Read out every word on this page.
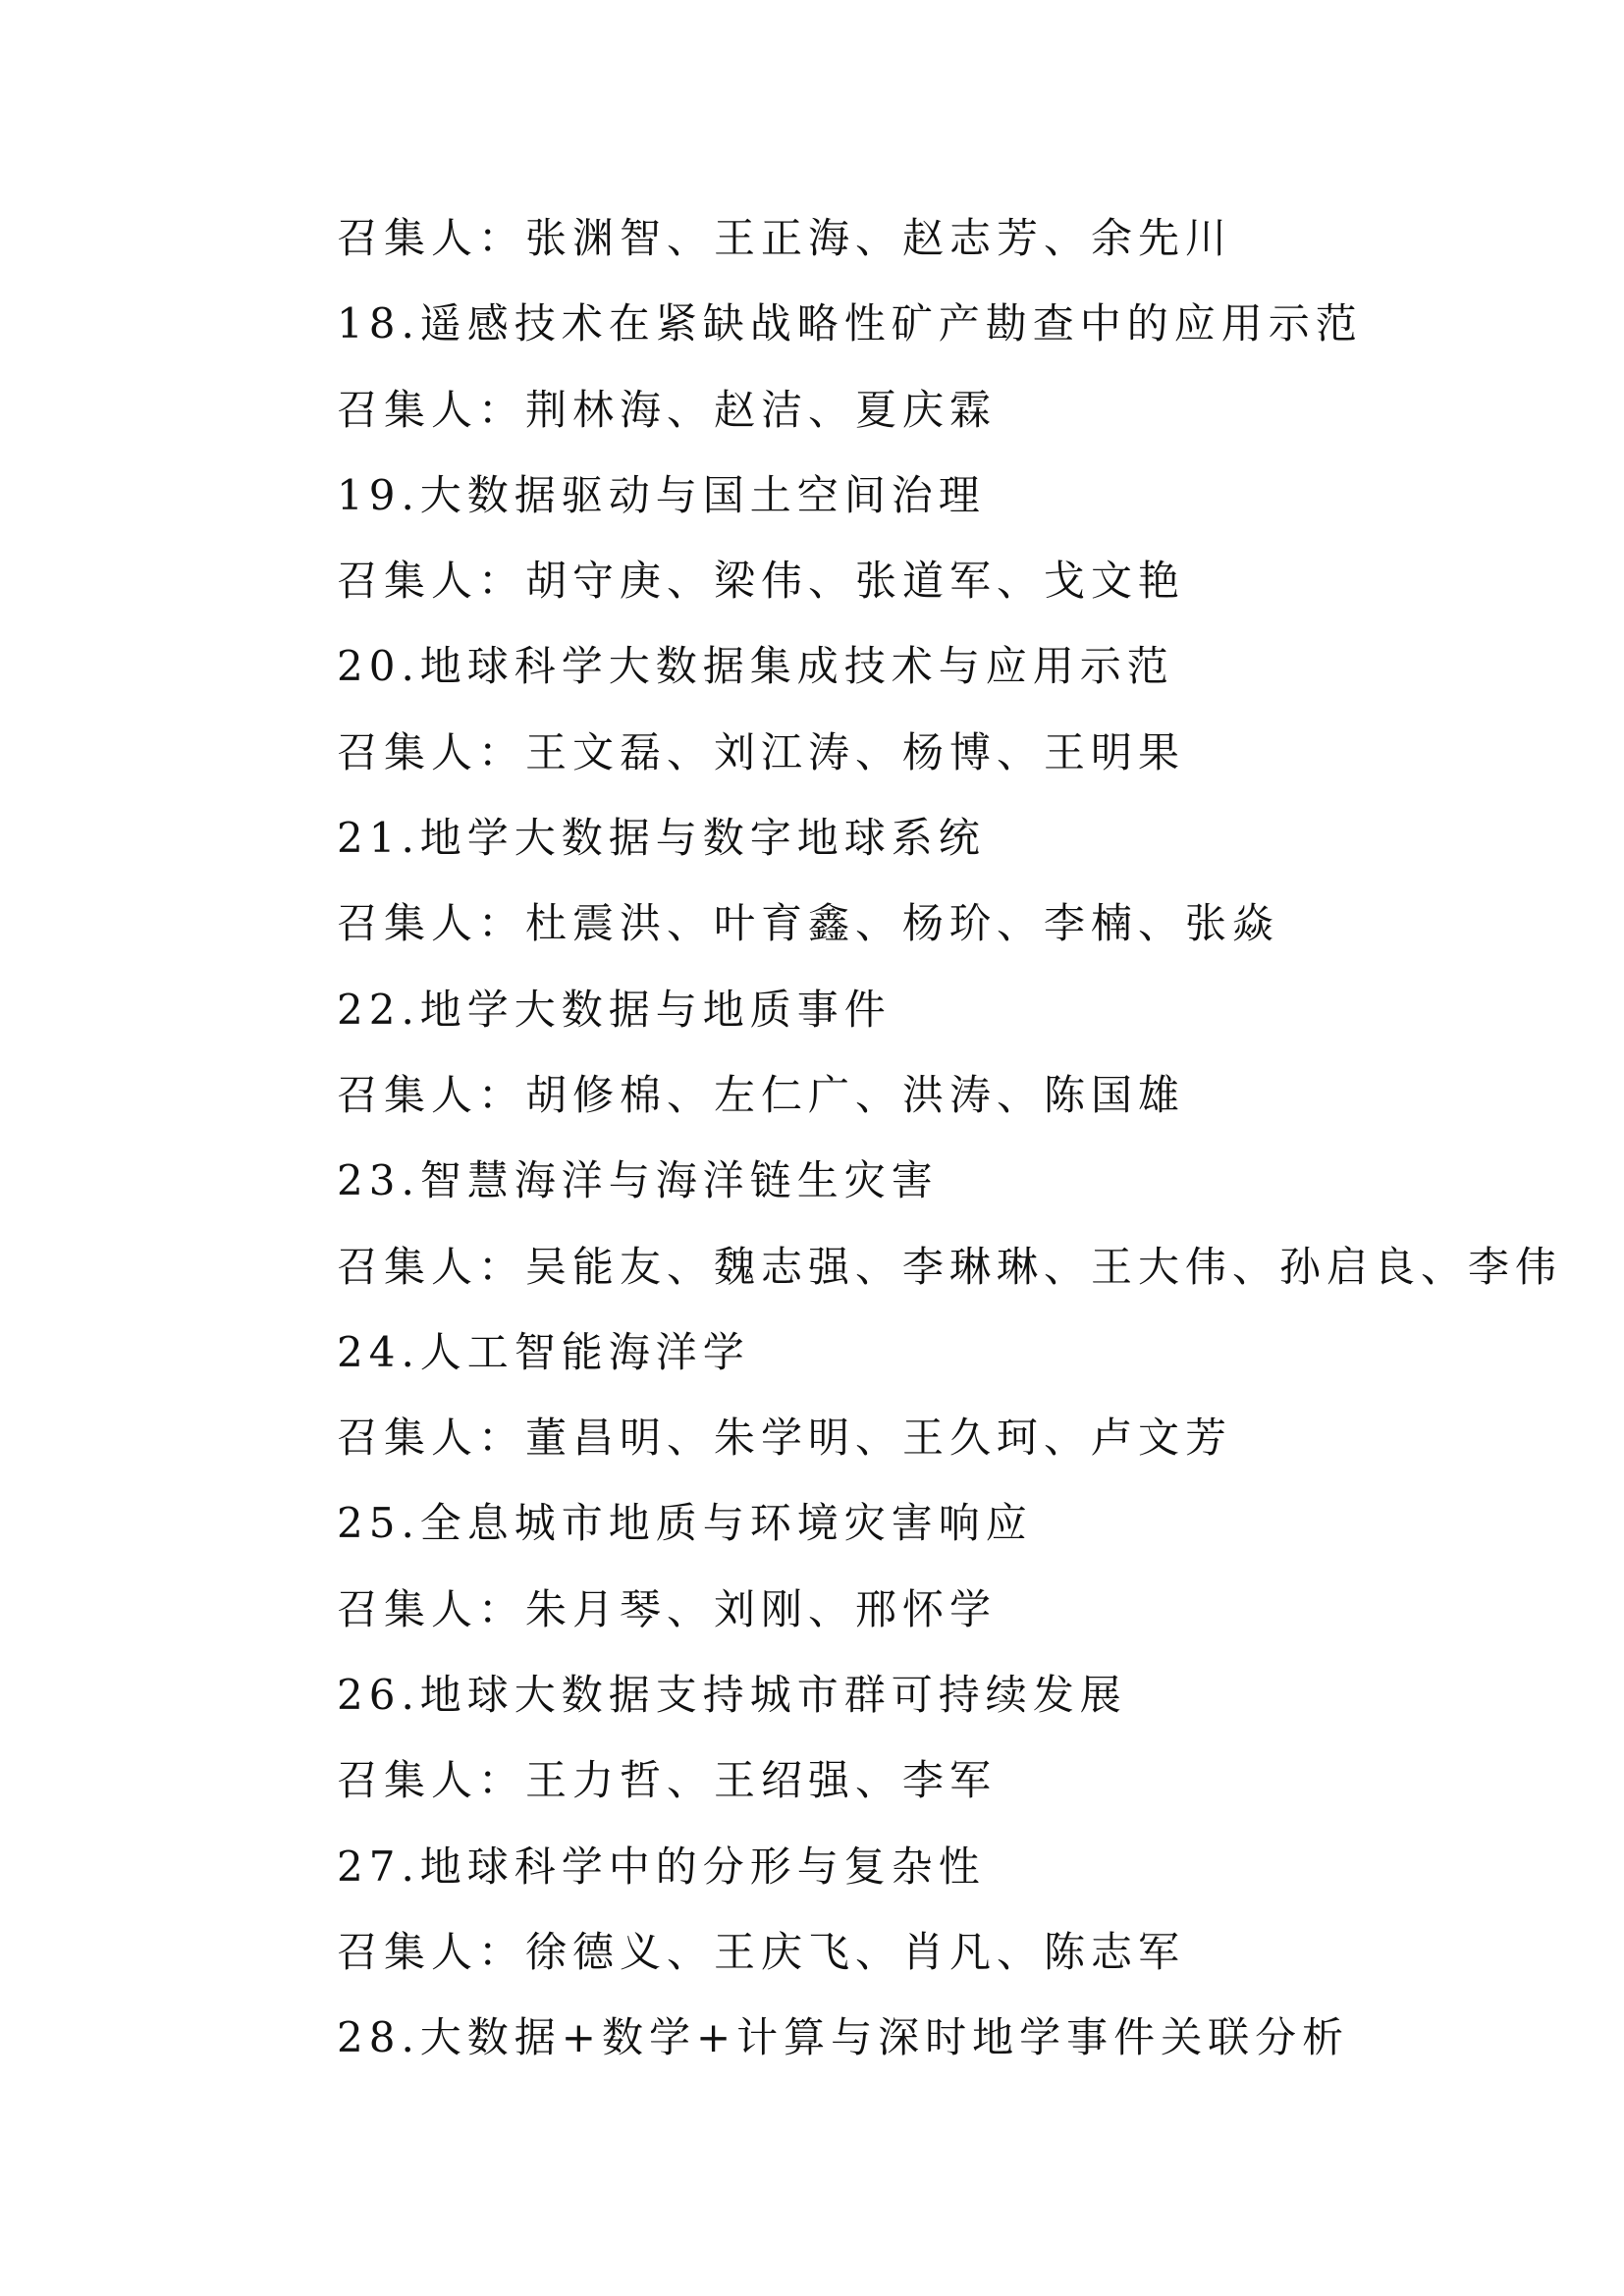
召集人：张渊智、王正海、赵志芳、余先川
18.遥感技术在紧缺战略性矿产勘查中的应用示范
召集人：荆林海、赵洁、夏庆霖
19.大数据驱动与国土空间治理
召集人：胡守庚、梁伟、张道军、戈文艳
20.地球科学大数据集成技术与应用示范
召集人：王文磊、刘江涛、杨博、王明果
21.地学大数据与数字地球系统
召集人：杜震洪、叶育鑫、杨玠、李楠、张焱
22.地学大数据与地质事件
召集人：胡修棉、左仁广、洪涛、陈国雄
23.智慧海洋与海洋链生灾害
召集人：吴能友、魏志强、李琳琳、王大伟、孙启良、李伟
24.人工智能海洋学
召集人：董昌明、朱学明、王久珂、卢文芳
25.全息城市地质与环境灾害响应
召集人：朱月琴、刘刚、邢怀学
26.地球大数据支持城市群可持续发展
召集人：王力哲、王绍强、李军
27.地球科学中的分形与复杂性
召集人：徐德义、王庆飞、肖凡、陈志军
28.大数据+数学+计算与深时地学事件关联分析
